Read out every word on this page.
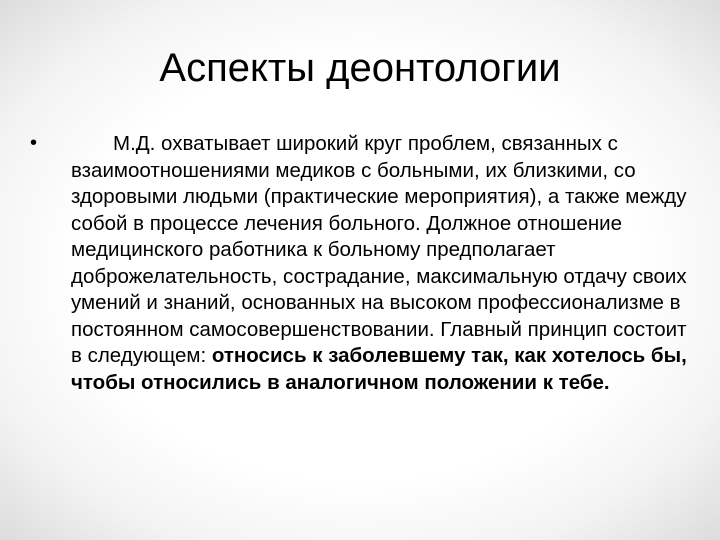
Аспекты деонтологии
•	М.Д. охватывает широкий круг проблем, связанных с взаимоотношениями медиков с больными, их близкими, со здоровыми людьми (практические мероприятия), а также между собой в процессе лечения больного. Должное отношение медицинского работника к больному предполагает доброжелательность, сострадание, максимальную отдачу своих умений и знаний, основанных на высоком профессионализме в постоянном самосовершенствовании. Главный принцип состоит в следующем: относись к заболевшему так, как хотелось бы, чтобы относились в аналогичном положении к тебе.
